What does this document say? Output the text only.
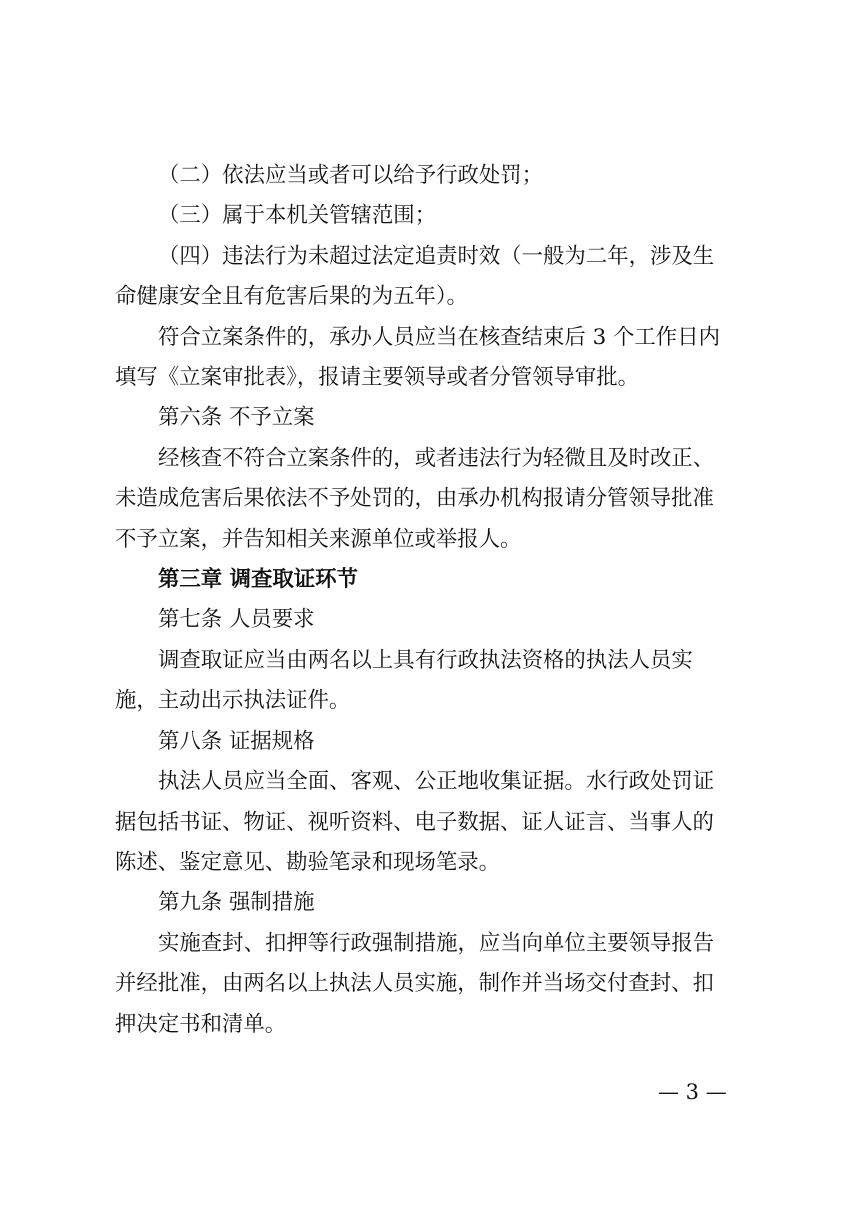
（二）依法应当或者可以给予行政处罚；
（三）属于本机关管辖范围；
（四）违法行为未超过法定追责时效（一般为二年，涉及生
命健康安全且有危害后果的为五年）。
符合立案条件的，承办人员应当在核查结束后 3 个工作日内
填写《立案审批表》，报请主要领导或者分管领导审批。
第六条 不予立案
经核查不符合立案条件的，或者违法行为轻微且及时改正、
未造成危害后果依法不予处罚的，由承办机构报请分管领导批准
不予立案，并告知相关来源单位或举报人。
第三章 调查取证环节
第七条 人员要求
调查取证应当由两名以上具有行政执法资格的执法人员实
施，主动出示执法证件。
第八条 证据规格
执法人员应当全面、客观、公正地收集证据。水行政处罚证
据包括书证、物证、视听资料、电子数据、证人证言、当事人的
陈述、鉴定意见、勘验笔录和现场笔录。
第九条 强制措施
实施查封、扣押等行政强制措施，应当向单位主要领导报告
并经批准，由两名以上执法人员实施，制作并当场交付查封、扣
押决定书和清单。
— 3 —
